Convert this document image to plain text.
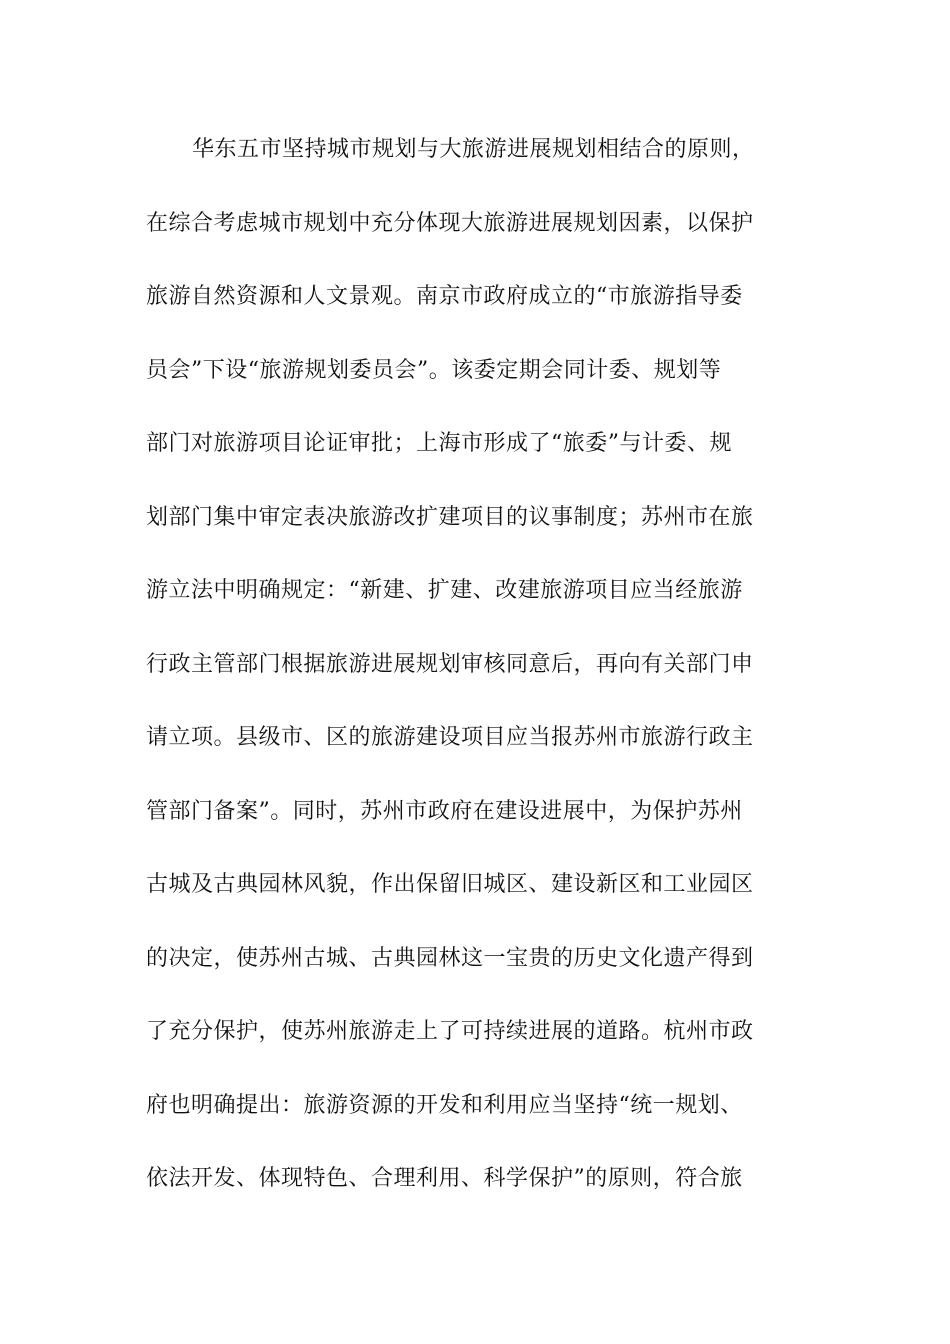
华东五市坚持城市规划与大旅游进展规划相结合的原则，
在综合考虑城市规划中充分体现大旅游进展规划因素，以保护
旅游自然资源和人文景观。南京市政府成立的“市旅游指导委
员会”下设“旅游规划委员会”。该委定期会同计委、规划等
部门对旅游项目论证审批；上海市形成了“旅委”与计委、规
划部门集中审定表决旅游改扩建项目的议事制度；苏州市在旅
游立法中明确规定：“新建、扩建、改建旅游项目应当经旅游
行政主管部门根据旅游进展规划审核同意后，再向有关部门申
请立项。县级市、区的旅游建设项目应当报苏州市旅游行政主
管部门备案”。同时，苏州市政府在建设进展中，为保护苏州
古城及古典园林风貌，作出保留旧城区、建设新区和工业园区
的决定，使苏州古城、古典园林这一宝贵的历史文化遗产得到
了充分保护，使苏州旅游走上了可持续进展的道路。杭州市政
府也明确提出：旅游资源的开发和利用应当坚持“统一规划、
依法开发、体现特色、合理利用、科学保护”的原则，符合旅
